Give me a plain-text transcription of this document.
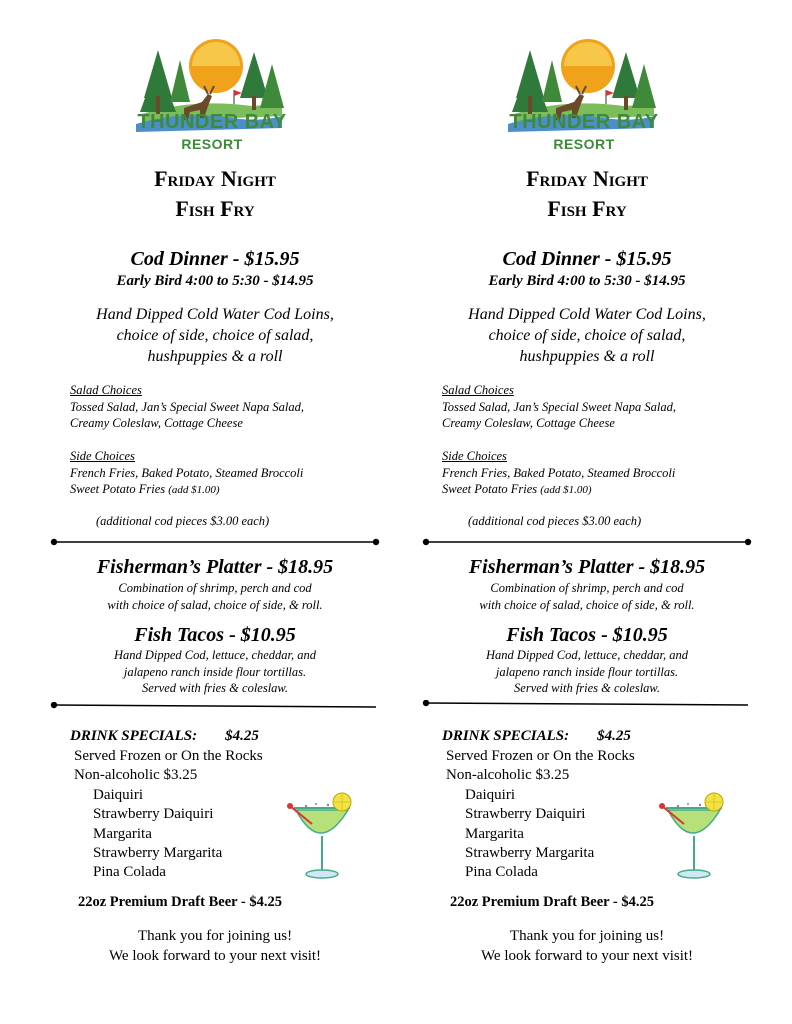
THUNDER BAY
RESORT
Friday Night
Fish Fry
Cod Dinner - $15.95
Early Bird 4:00 to 5:30 - $14.95
Hand Dipped Cold Water Cod Loins,
choice of side, choice of salad,
hushpuppies & a roll
Salad Choices
Tossed Salad, Jan’s Special Sweet Napa Salad,
Creamy Coleslaw, Cottage Cheese
Side Choices
French Fries, Baked Potato, Steamed Broccoli
Sweet Potato Fries (add $1.00)
(additional cod pieces $3.00 each)
Fisherman’s Platter - $18.95
Combination of shrimp, perch and cod
with choice of salad, choice of side, & roll.
Fish Tacos - $10.95
Hand Dipped Cod, lettuce, cheddar, and
jalapeno ranch inside flour tortillas.
Served with fries & coleslaw.
DRINK SPECIALS: $4.25
Served Frozen or On the Rocks
Non-alcoholic $3.25
Daiquiri
Strawberry Daiquiri
Margarita
Strawberry Margarita
Pina Colada
22oz Premium Draft Beer - $4.25
Thank you for joining us!
We look forward to your next visit!
THUNDER BAY
RESORT
Friday Night
Fish Fry
Cod Dinner - $15.95
Early Bird 4:00 to 5:30 - $14.95
Hand Dipped Cold Water Cod Loins,
choice of side, choice of salad,
hushpuppies & a roll
Salad Choices
Tossed Salad, Jan’s Special Sweet Napa Salad,
Creamy Coleslaw, Cottage Cheese
Side Choices
French Fries, Baked Potato, Steamed Broccoli
Sweet Potato Fries (add $1.00)
(additional cod pieces $3.00 each)
Fisherman’s Platter - $18.95
Combination of shrimp, perch and cod
with choice of salad, choice of side, & roll.
Fish Tacos - $10.95
Hand Dipped Cod, lettuce, cheddar, and
jalapeno ranch inside flour tortillas.
Served with fries & coleslaw.
DRINK SPECIALS: $4.25
Served Frozen or On the Rocks
Non-alcoholic $3.25
Daiquiri
Strawberry Daiquiri
Margarita
Strawberry Margarita
Pina Colada
22oz Premium Draft Beer - $4.25
Thank you for joining us!
We look forward to your next visit!
